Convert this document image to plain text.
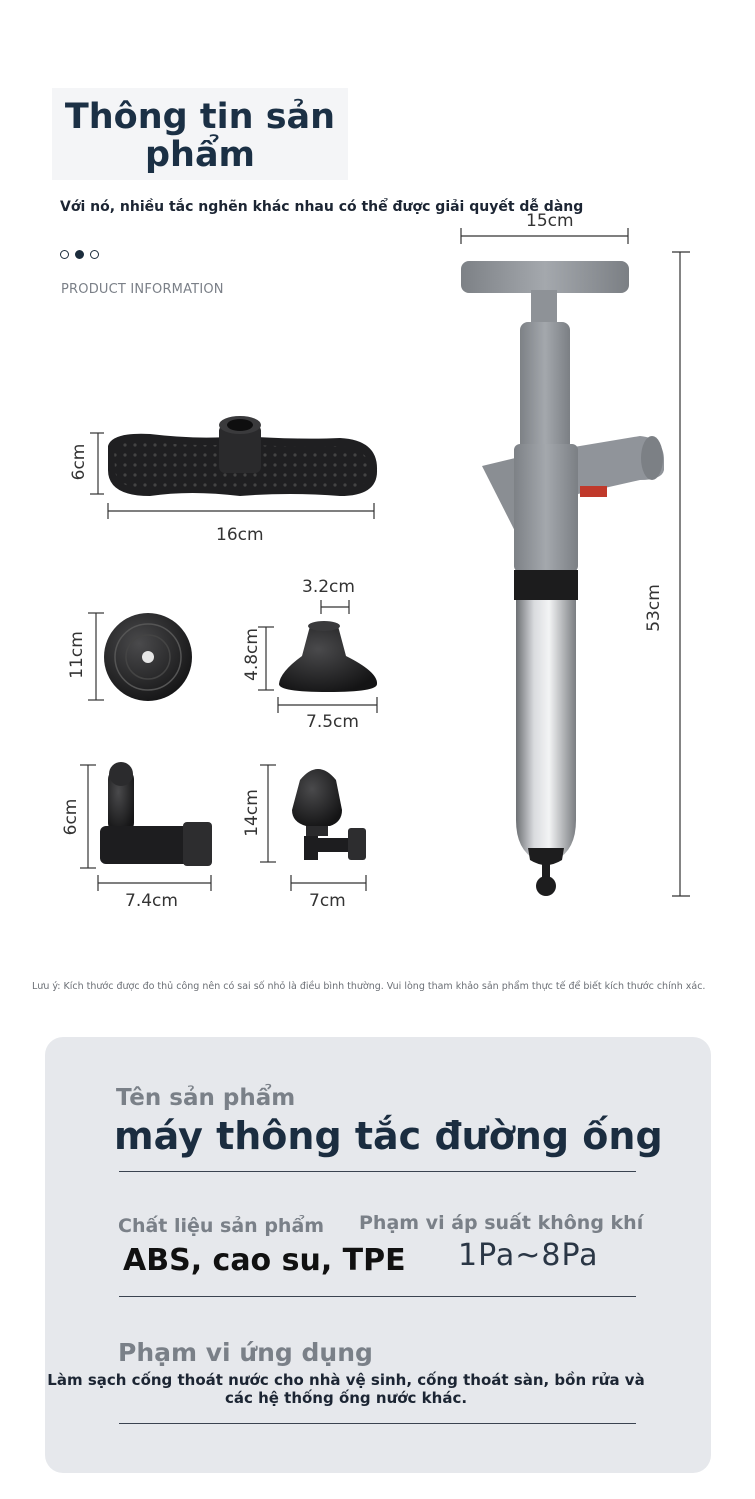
Thông tin sản phẩm
Với nó, nhiều tắc nghẽn khác nhau có thể được giải quyết dễ dàng
PRODUCT INFORMATION
15cm
53cm
6cm
16cm
11cm
3.2cm
4.8cm
7.5cm
6cm
7.4cm
14cm
7cm
Lưu ý: Kích thước được đo thủ công nên có sai số nhỏ là điều bình thường. Vui lòng tham khảo sản phẩm thực tế để biết kích thước chính xác.
Tên sản phẩm
máy thông tắc đường ống
Chất liệu sản phẩm
ABS, cao su, TPE
Phạm vi áp suất không khí
1Pa~8Pa
Phạm vi ứng dụng
Làm sạch cống thoát nước cho nhà vệ sinh, cống thoát sàn, bồn rửa và các hệ thống ống nước khác.
